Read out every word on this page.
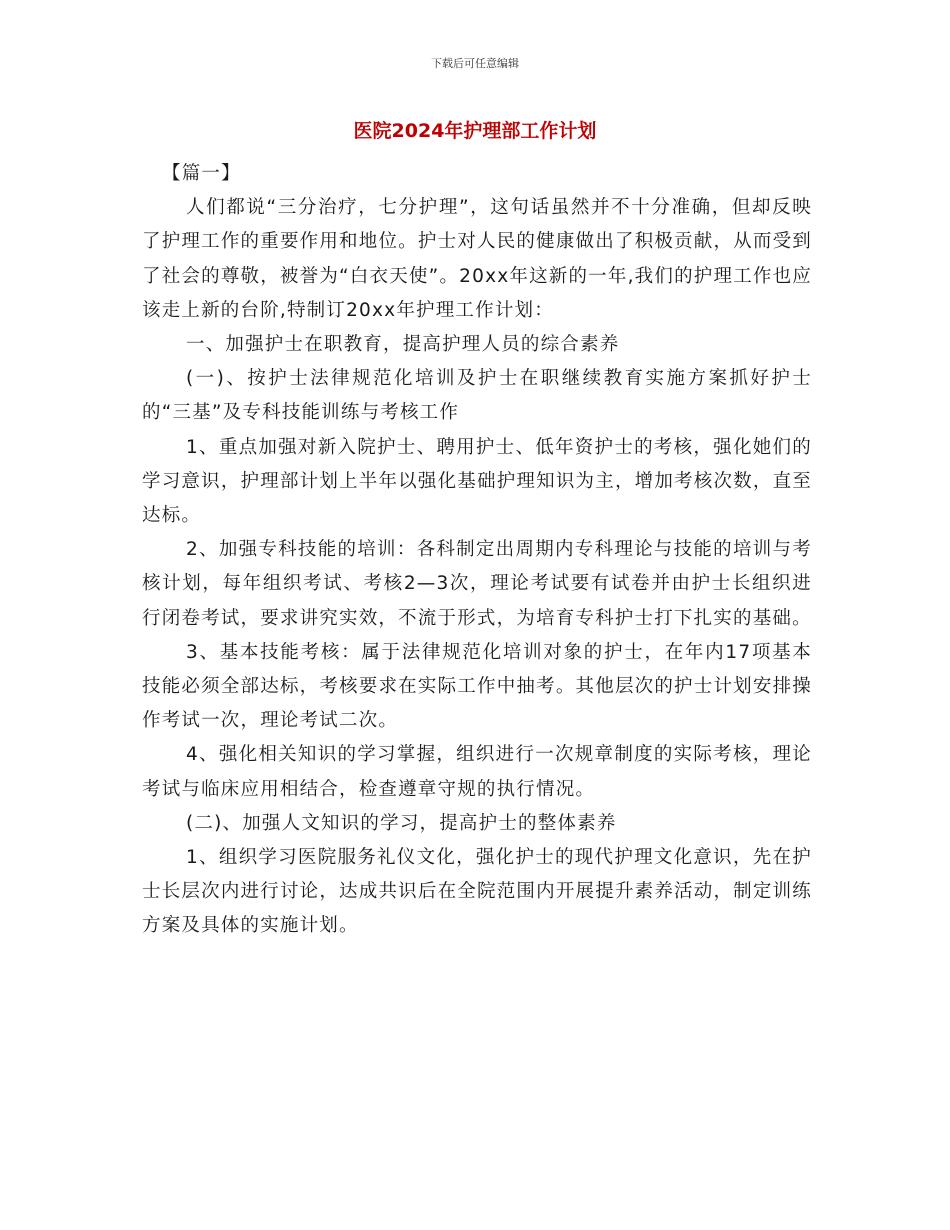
下载后可任意编辑
医院2024年护理部工作计划

【篇一】

人们都说“三分治疗，七分护理”，这句话虽然并不十分准确，但却反映了护理工作的重要作用和地位。护士对人民的健康做出了积极贡献，从而受到了社会的尊敬，被誉为“白衣天使”。20xx年这新的一年,我们的护理工作也应该走上新的台阶,特制订20xx年护理工作计划：

一、加强护士在职教育，提高护理人员的综合素养

(一)、按护士法律规范化培训及护士在职继续教育实施方案抓好护士的“三基”及专科技能训练与考核工作

1、重点加强对新入院护士、聘用护士、低年资护士的考核，强化她们的学习意识，护理部计划上半年以强化基础护理知识为主，增加考核次数，直至达标。

2、加强专科技能的培训：各科制定出周期内专科理论与技能的培训与考核计划，每年组织考试、考核2—3次，理论考试要有试卷并由护士长组织进行闭卷考试，要求讲究实效，不流于形式，为培育专科护士打下扎实的基础。

3、基本技能考核：属于法律规范化培训对象的护士，在年内17项基本技能必须全部达标，考核要求在实际工作中抽考。其他层次的护士计划安排操作考试一次，理论考试二次。

4、强化相关知识的学习掌握，组织进行一次规章制度的实际考核，理论考试与临床应用相结合，检查遵章守规的执行情况。

(二)、加强人文知识的学习，提高护士的整体素养

1、组织学习医院服务礼仪文化，强化护士的现代护理文化意识，先在护士长层次内进行讨论，达成共识后在全院范围内开展提升素养活动，制定训练方案及具体的实施计划。
